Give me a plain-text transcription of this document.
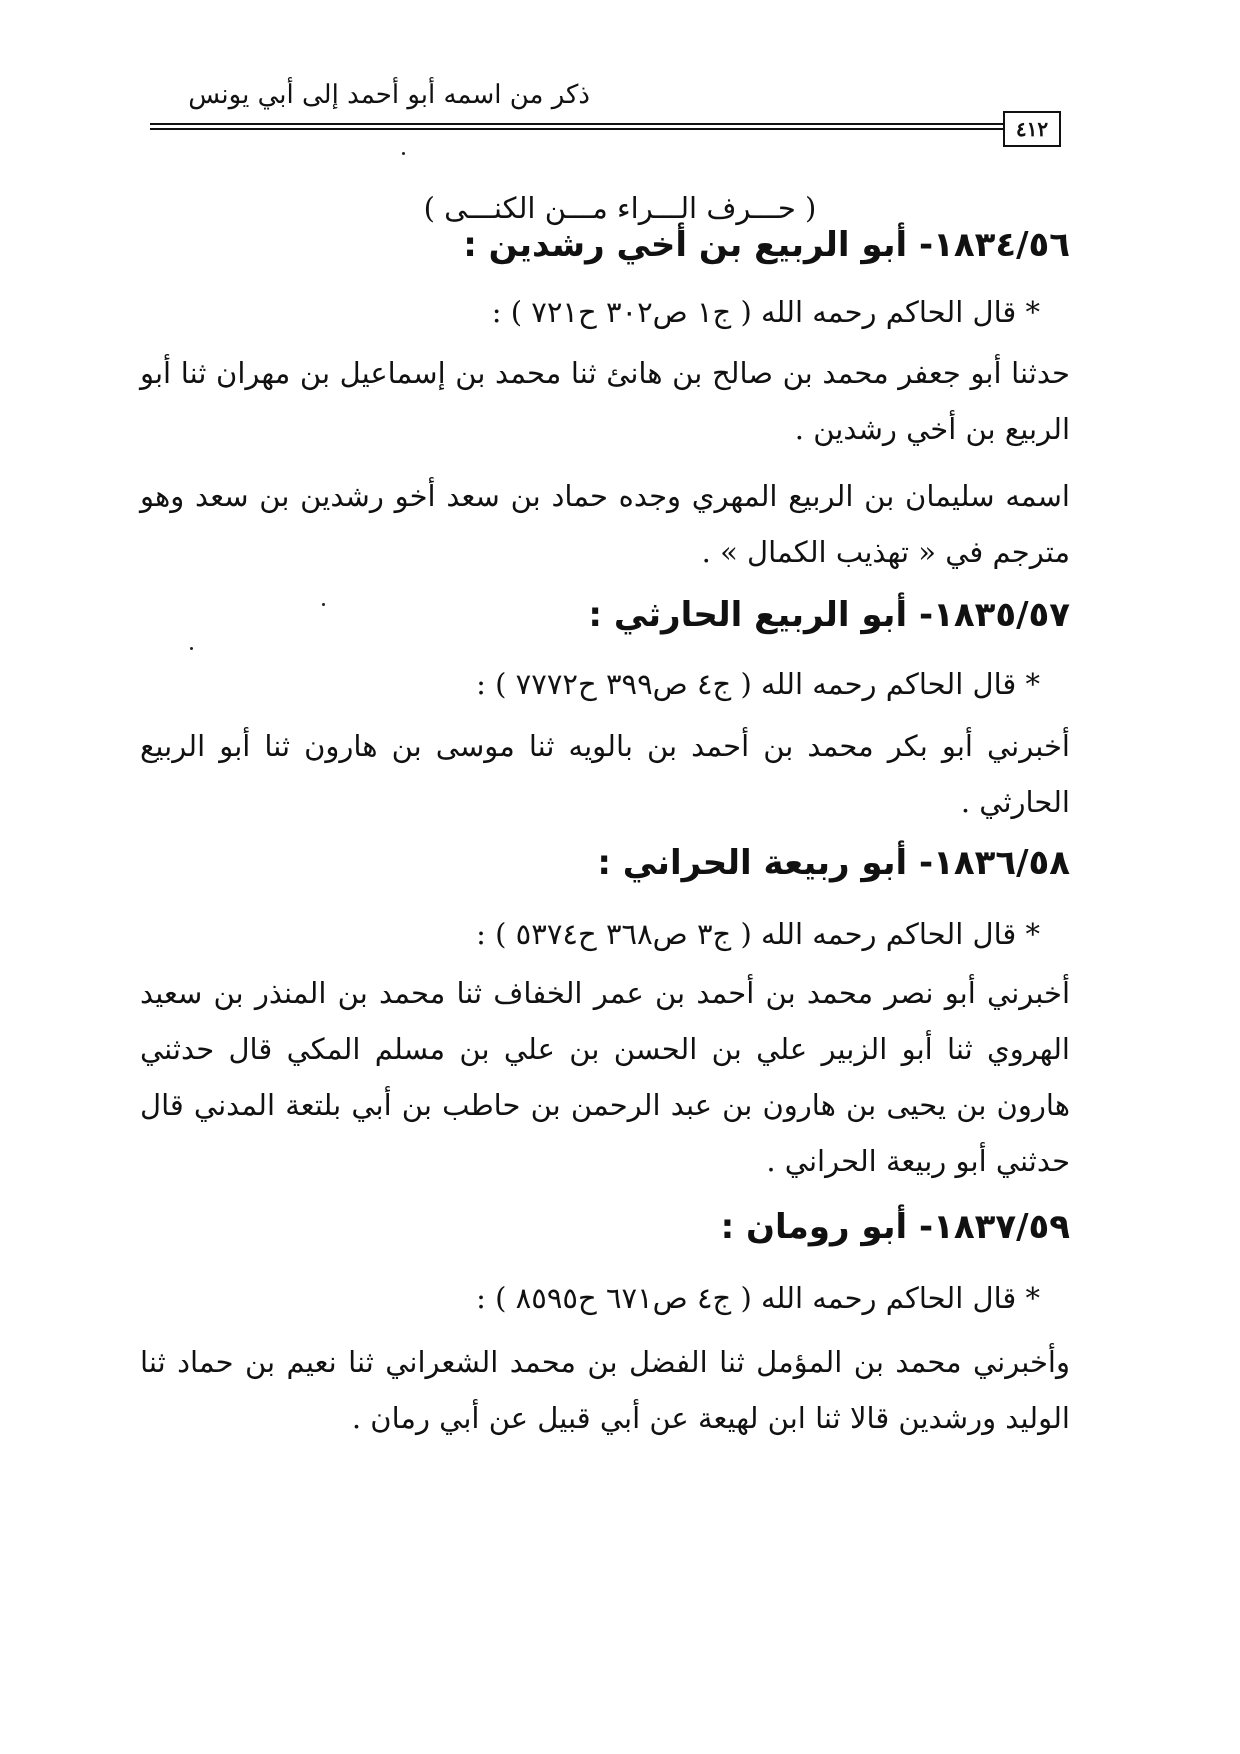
ذكر من اسمه أبو أحمد إلى أبي يونس
٤١٢
( حـــرف الـــراء مـــن الكنـــى )
١٨٣٤/٥٦- أبو الربيع بن أخي رشدين :
* قال الحاكم رحمه الله ( ج١ ص٣٠٢ ح٧٢١ ) :
حدثنا أبو جعفر محمد بن صالح بن هانئ ثنا محمد بن إسماعيل بن مهران ثنا أبو الربيع بن أخي رشدين .
اسمه سليمان بن الربيع المهري وجده حماد بن سعد أخو رشدين بن سعد وهو مترجم في « تهذيب الكمال » .
١٨٣٥/٥٧- أبو الربيع الحارثي :
* قال الحاكم رحمه الله ( ج٤ ص٣٩٩ ح٧٧٧٢ ) :
أخبرني أبو بكر محمد بن أحمد بن بالويه ثنا موسى بن هارون ثنا أبو الربيع الحارثي .
١٨٣٦/٥٨- أبو ربيعة الحراني :
* قال الحاكم رحمه الله ( ج٣ ص٣٦٨ ح٥٣٧٤ ) :
أخبرني أبو نصر محمد بن أحمد بن عمر الخفاف ثنا محمد بن المنذر بن سعيد الهروي ثنا أبو الزبير علي بن الحسن بن علي بن مسلم المكي قال حدثني هارون بن يحيى بن هارون بن عبد الرحمن بن حاطب بن أبي بلتعة المدني قال حدثني أبو ربيعة الحراني .
١٨٣٧/٥٩- أبو رومان :
* قال الحاكم رحمه الله ( ج٤ ص٦٧١ ح٨٥٩٥ ) :
وأخبرني محمد بن المؤمل ثنا الفضل بن محمد الشعراني ثنا نعيم بن حماد ثنا الوليد ورشدين قالا ثنا ابن لهيعة عن أبي قبيل عن أبي رمان .
